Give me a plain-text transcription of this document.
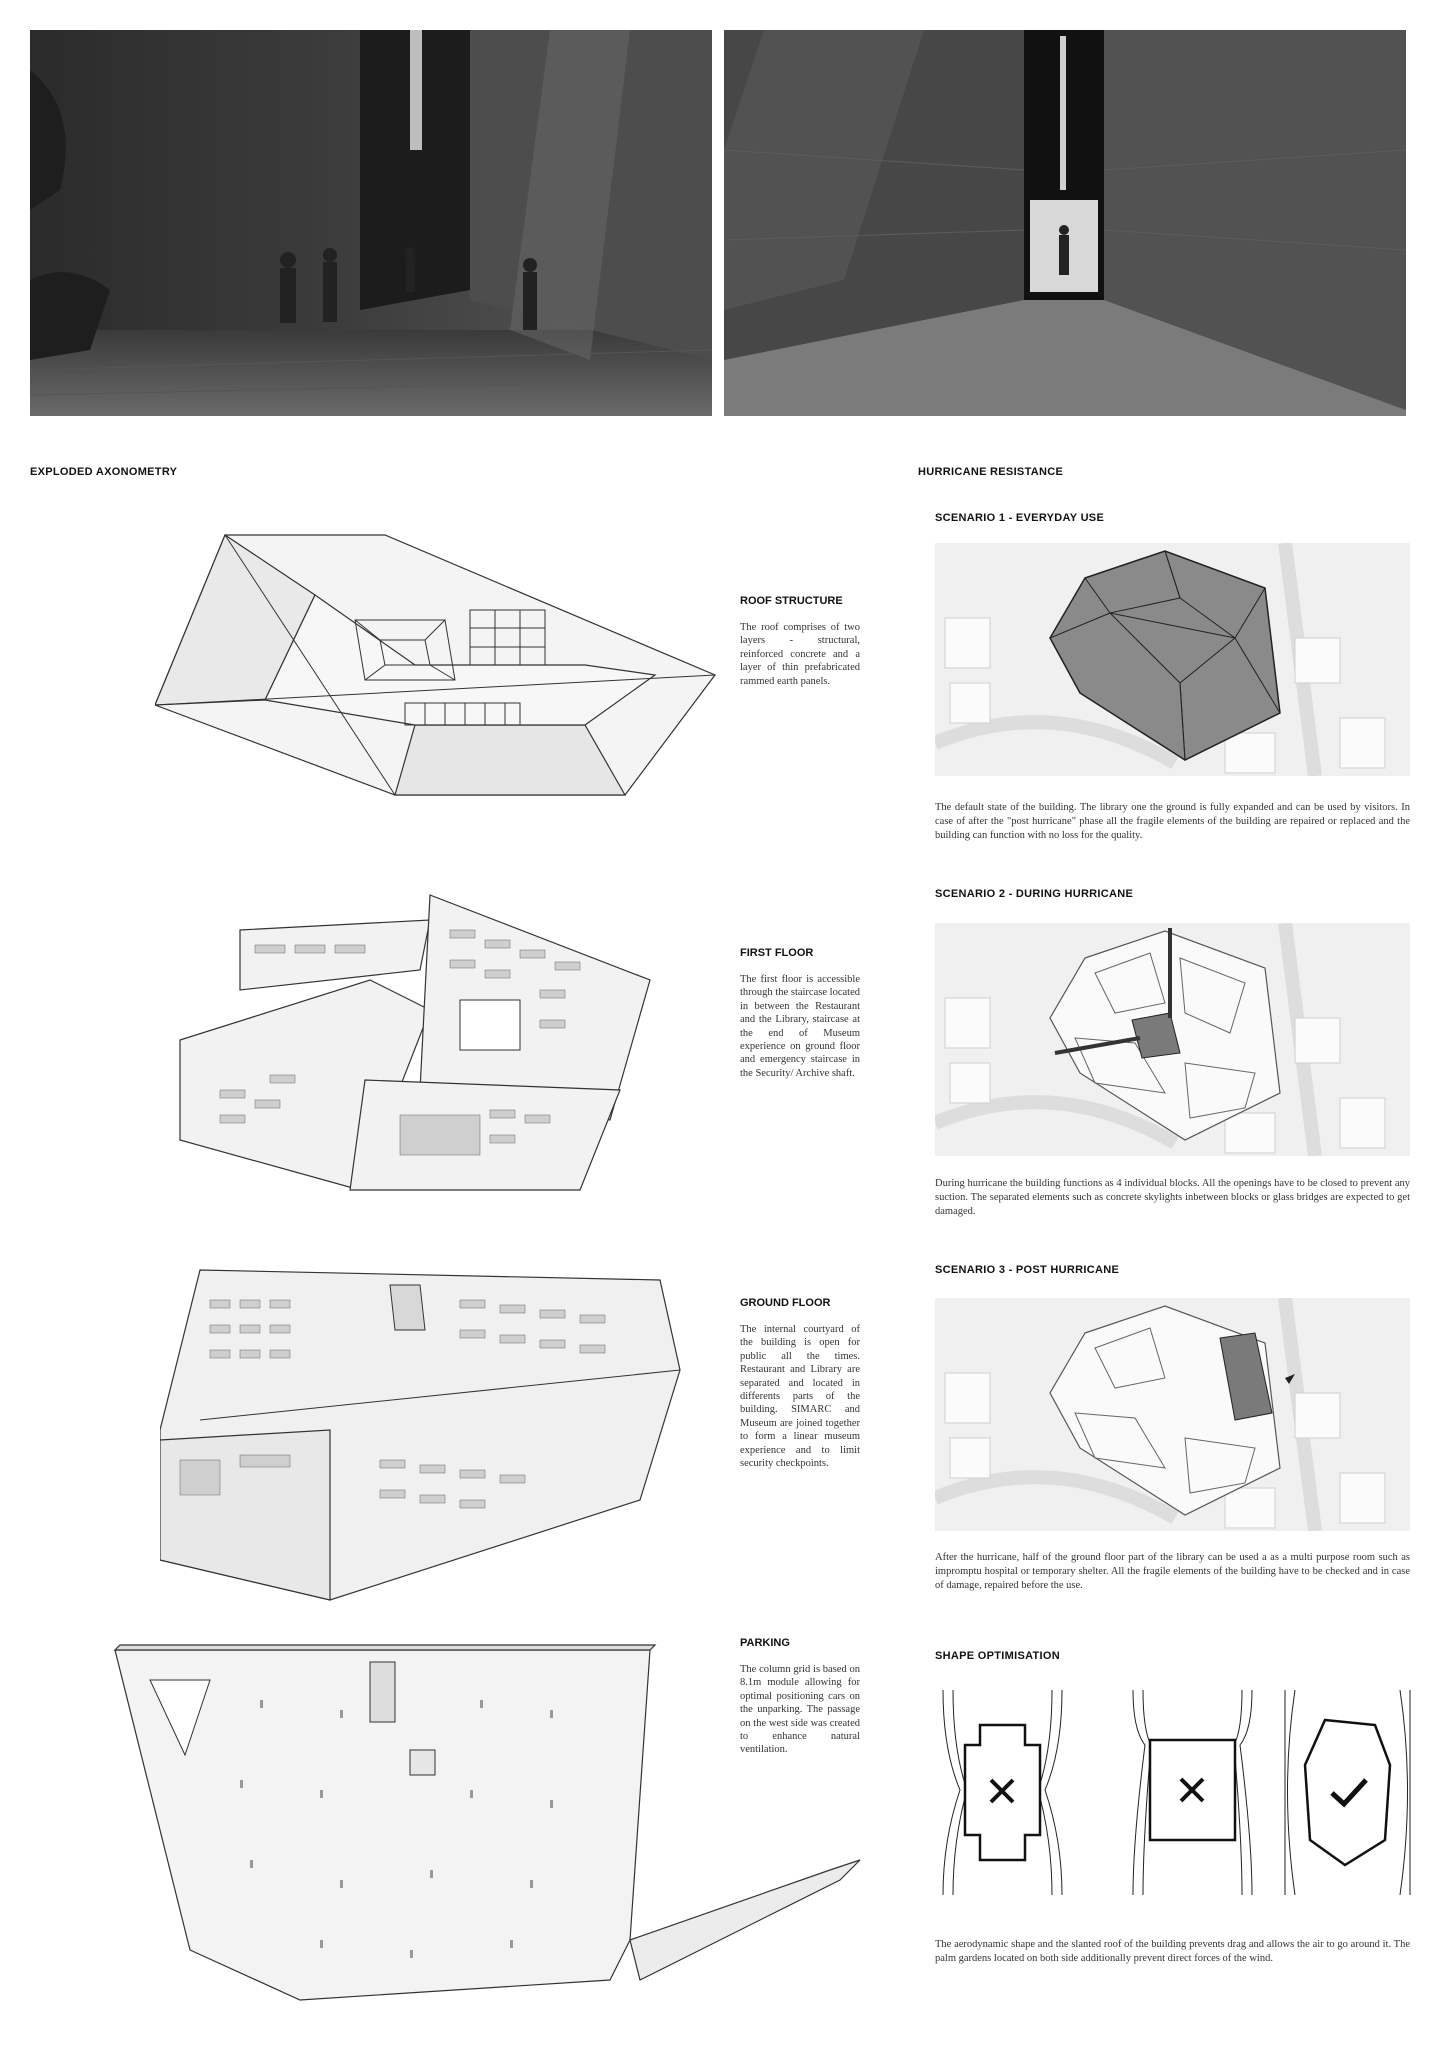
EXPLODED AXONOMETRY

ROOF STRUCTURE

The roof comprises of two layers - structural, reinforced concrete and a layer of thin prefabricated rammed earth panels.

FIRST FLOOR

The first floor is accessible through the staircase located in between the Restaurant and the Library, staircase at the end of Museum experience on ground floor and emergency staircase in the Security/ Archive shaft.

GROUND FLOOR

The internal courtyard of the building is open for public all the times. Restaurant and Library are separated and located in differents parts of the building. SIMARC and Museum are joined together to form a linear museum experience and to limit security checkpoints.

PARKING

The column grid is based on 8.1m module allowing for optimal positioning cars on the unparking. The passage on the west side was created to enhance natural ventilation.

HURRICANE RESISTANCE
SCENARIO 1 - EVERYDAY USE

The default state of the building. The library one the ground is fully expanded and can be used by visitors. In case of after the "post hurricane" phase all the fragile elements of the building are repaired or replaced and the building can function with no loss for the quality.

SCENARIO 2 - DURING HURRICANE

During hurricane the building functions as 4 individual blocks. All the openings have to be closed to prevent any suction. The separated elements such as concrete skylights inbetween blocks or glass bridges are expected to get damaged.

SCENARIO 3 - POST HURRICANE

After the hurricane, half of the ground floor part of the library can be used a as a multi purpose room such as impromptu hospital or temporary shelter. All the fragile elements of the building have to be checked and in case of damage, repaired before the use.

SHAPE OPTIMISATION

The aerodynamic shape and the slanted roof of the building prevents drag and allows the air to go around it. The palm gardens located on both side additionally prevent direct forces of the wind.
